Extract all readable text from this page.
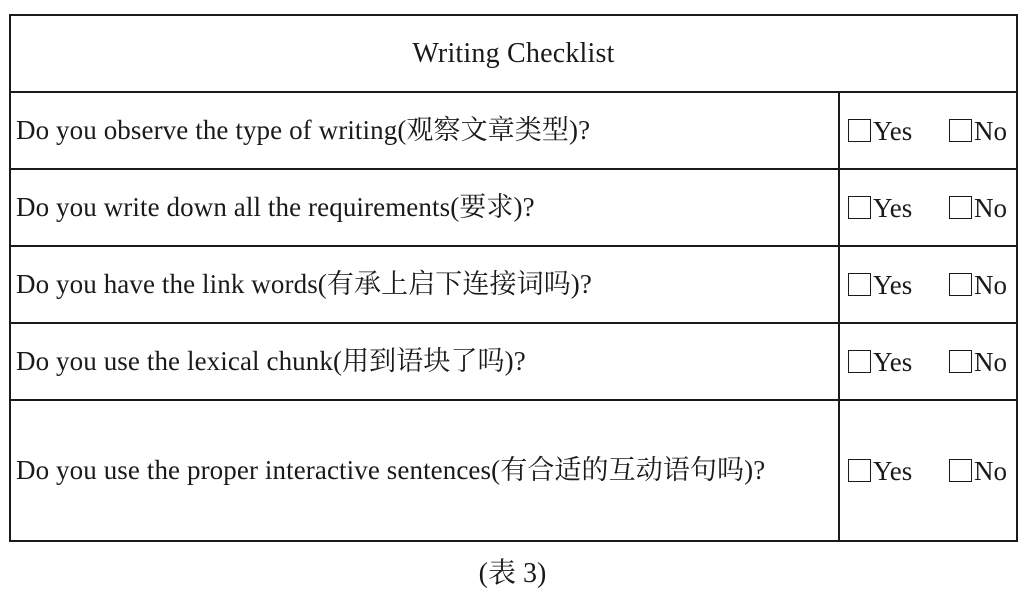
Writing Checklist
Do you observe the type of writing(观察文章类型)?	Yes No
Do you write down all the requirements(要求)?	Yes No
Do you have the link words(有承上启下连接词吗)?	Yes No
Do you use the lexical chunk(用到语块了吗)?	Yes No
Do you use the proper interactive sentences(有合适的互动语句吗)?	Yes No
(表 3)
